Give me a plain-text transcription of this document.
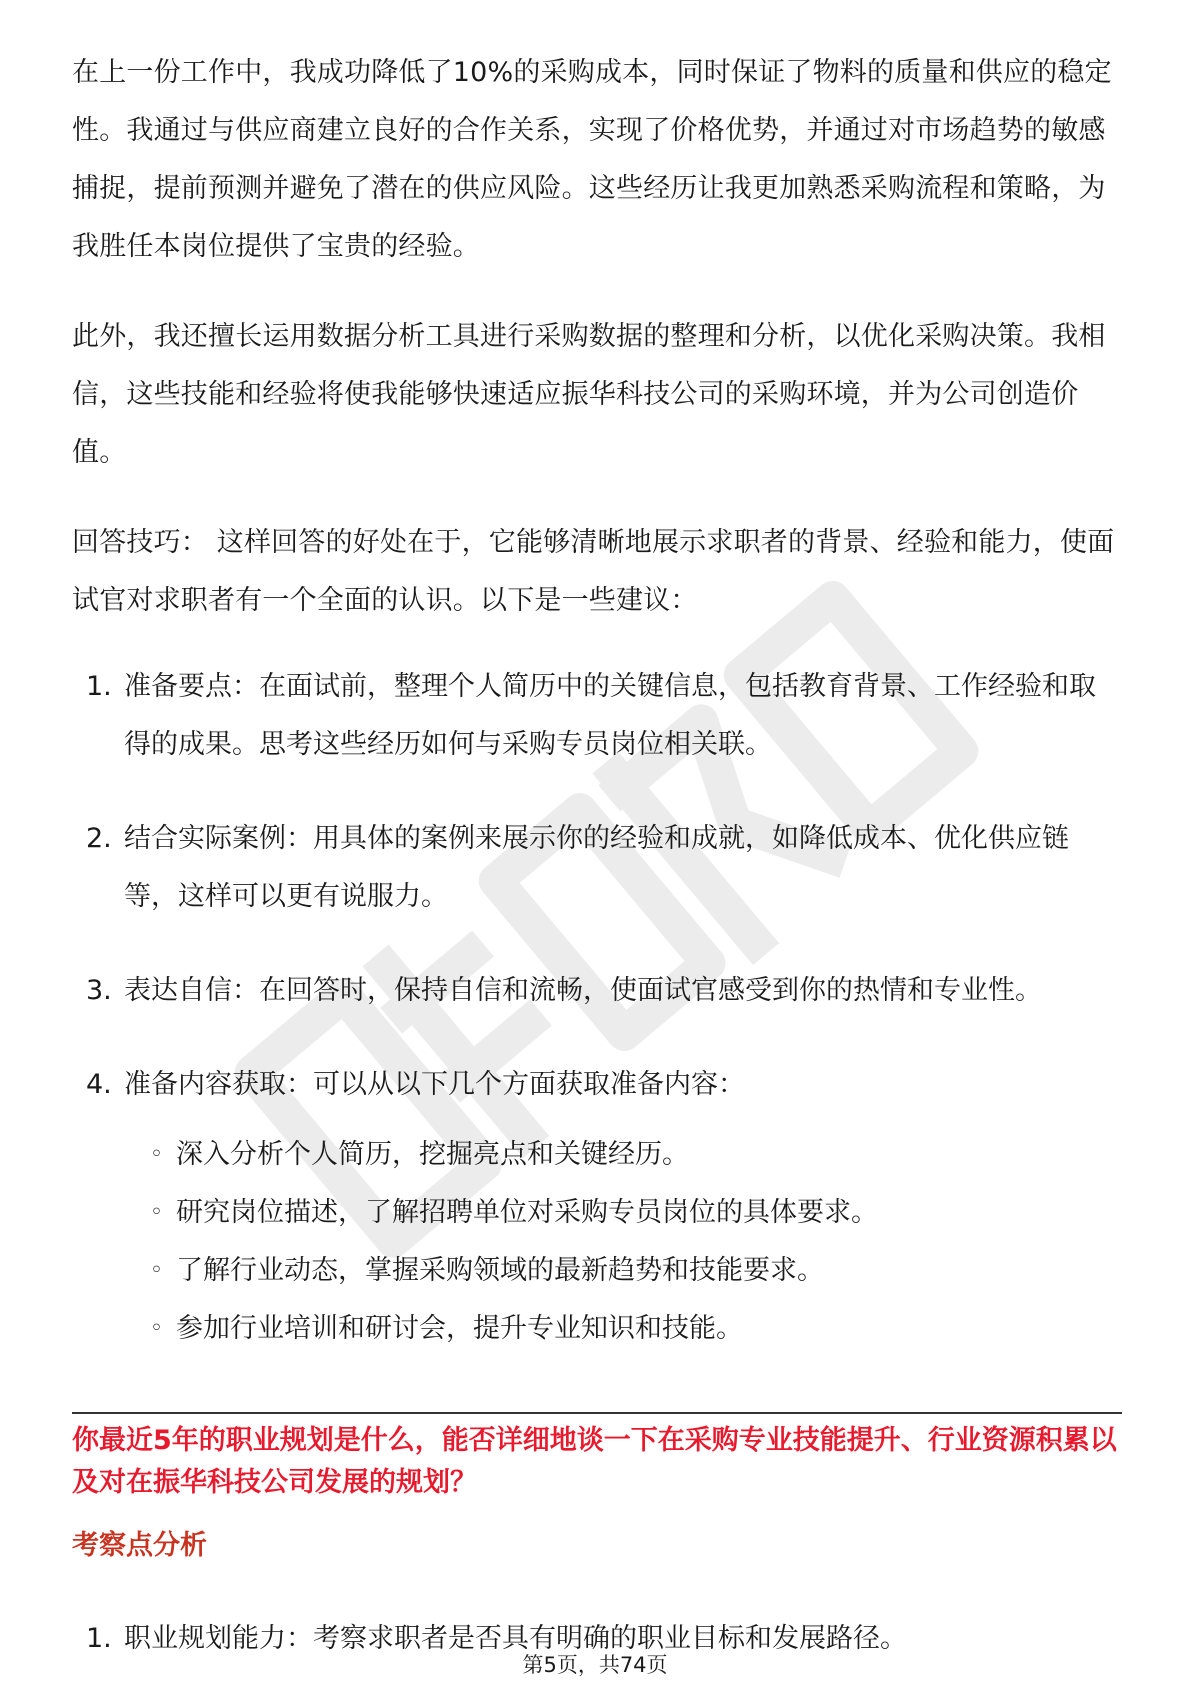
在上一份工作中，我成功降低了10%的采购成本，同时保证了物料的质量和供应的稳定性。我通过与供应商建立良好的合作关系，实现了价格优势，并通过对市场趋势的敏感捕捉，提前预测并避免了潜在的供应风险。这些经历让我更加熟悉采购流程和策略，为我胜任本岗位提供了宝贵的经验。

此外，我还擅长运用数据分析工具进行采购数据的整理和分析，以优化采购决策。我相信，这些技能和经验将使我能够快速适应振华科技公司的采购环境，并为公司创造价值。

回答技巧： 这样回答的好处在于，它能够清晰地展示求职者的背景、经验和能力，使面试官对求职者有一个全面的认识。以下是一些建议：

1. 准备要点：在面试前，整理个人简历中的关键信息，包括教育背景、工作经验和取得的成果。思考这些经历如何与采购专员岗位相关联。
2. 结合实际案例：用具体的案例来展示你的经验和成就，如降低成本、优化供应链等，这样可以更有说服力。
3. 表达自信：在回答时，保持自信和流畅，使面试官感受到你的热情和专业性。
4. 准备内容获取：可以从以下几个方面获取准备内容：
◦ 深入分析个人简历，挖掘亮点和关键经历。
◦ 研究岗位描述，了解招聘单位对采购专员岗位的具体要求。
◦ 了解行业动态，掌握采购领域的最新趋势和技能要求。
◦ 参加行业培训和研讨会，提升专业知识和技能。
你最近5年的职业规划是什么，能否详细地谈一下在采购专业技能提升、行业资源积累以及对在振华科技公司发展的规划？
考察点分析
1. 职业规划能力：考察求职者是否具有明确的职业目标和发展路径。
第5页，共74页
